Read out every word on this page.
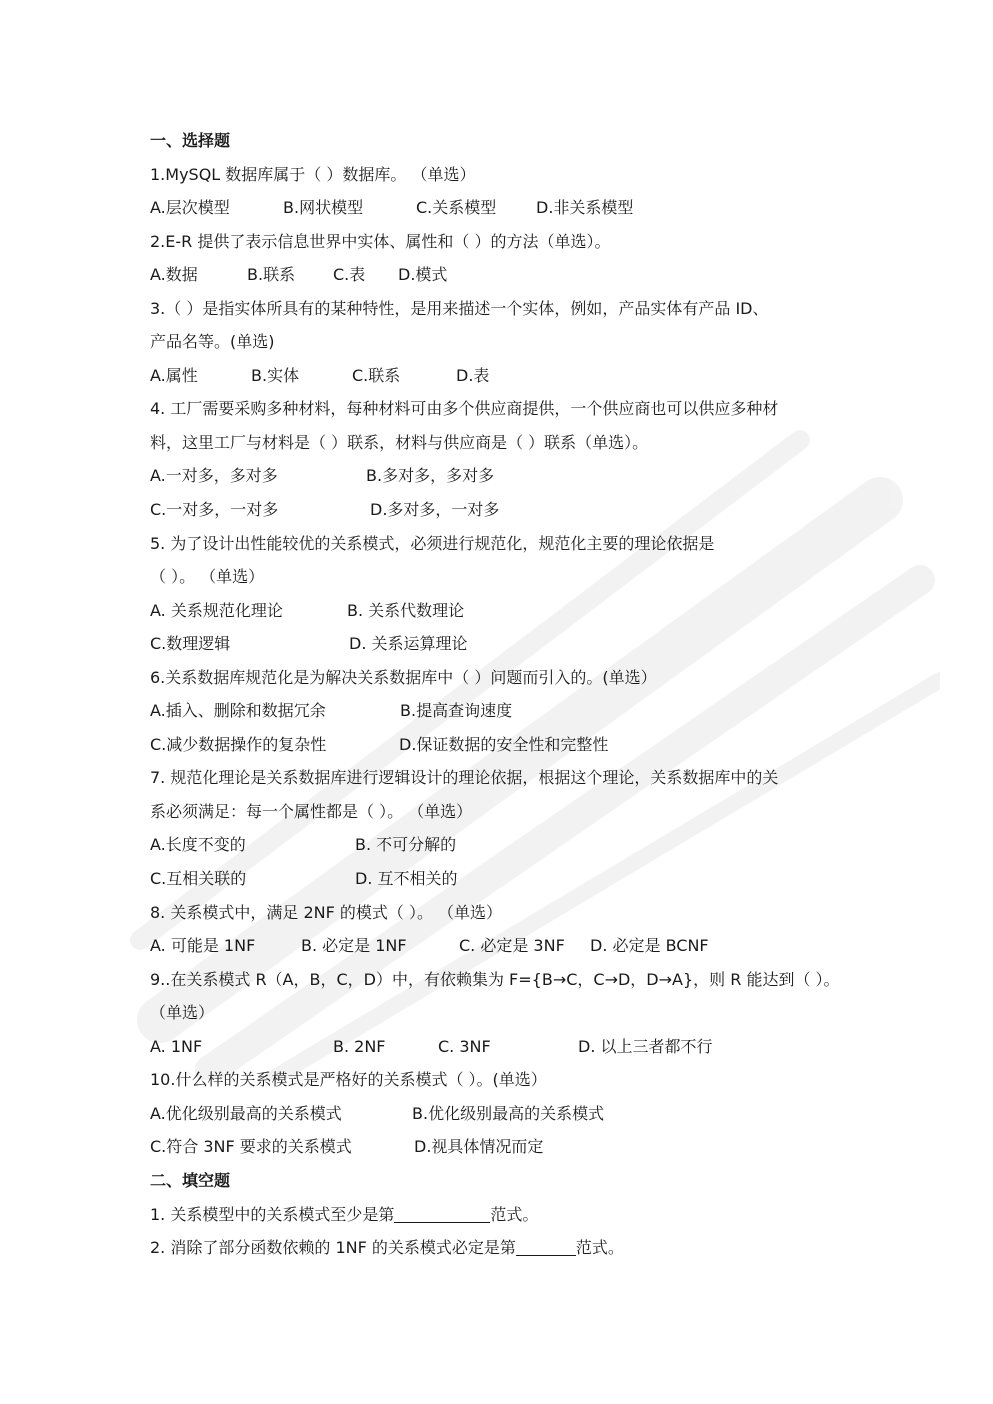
一、选择题
1.MySQL 数据库属于（ ）数据库。 （单选）
A.层次模型	B.网状模型	C.关系模型 D.非关系模型
2.E-R 提供了表示信息世界中实体、属性和（ ）的方法（单选）。
A.数据	B.联系 C.表 D.模式
3.（ ）是指实体所具有的某种特性，是用来描述一个实体，例如，产品实体有产品 ID、
产品名等。(单选)
A.属性	B.实体	C.联系	D.表
4. 工厂需要采购多种材料，每种材料可由多个供应商提供，一个供应商也可以供应多种材
料，这里工厂与材料是（ ）联系，材料与供应商是（ ）联系（单选）。
A.一对多，多对多	B.多对多，多对多
C.一对多，一对多	D.多对多，一对多
5. 为了设计出性能较优的关系模式，必须进行规范化，规范化主要的理论依据是
（ ）。 （单选）
A. 关系规范化理论	B. 关系代数理论
C.数理逻辑	D. 关系运算理论
6.关系数据库规范化是为解决关系数据库中（ ）问题而引入的。(单选）
A.插入、删除和数据冗余	B.提高查询速度
C.减少数据操作的复杂性	D.保证数据的安全性和完整性
7. 规范化理论是关系数据库进行逻辑设计的理论依据，根据这个理论，关系数据库中的关
系必须满足：每一个属性都是（ ）。 （单选）
A.长度不变的	B. 不可分解的
C.互相关联的	D. 互不相关的
8. 关系模式中，满足 2NF 的模式（ ）。 （单选）
A. 可能是 1NF	B. 必定是 1NF	C. 必定是 3NF D. 必定是 BCNF
9..在关系模式 R（A，B，C，D）中，有依赖集为 F={B→C，C→D，D→A}，则 R 能达到（ ）。
（单选）
A. 1NF	B. 2NF	C. 3NF	D. 以上三者都不行
10.什么样的关系模式是严格好的关系模式（ ）。(单选）
A.优化级别最高的关系模式	B.优化级别最高的关系模式
C.符合 3NF 要求的关系模式	D.视具体情况而定
二、填空题
1. 关系模型中的关系模式至少是第	范式。
2. 消除了部分函数依赖的 1NF 的关系模式必定是第	范式。
